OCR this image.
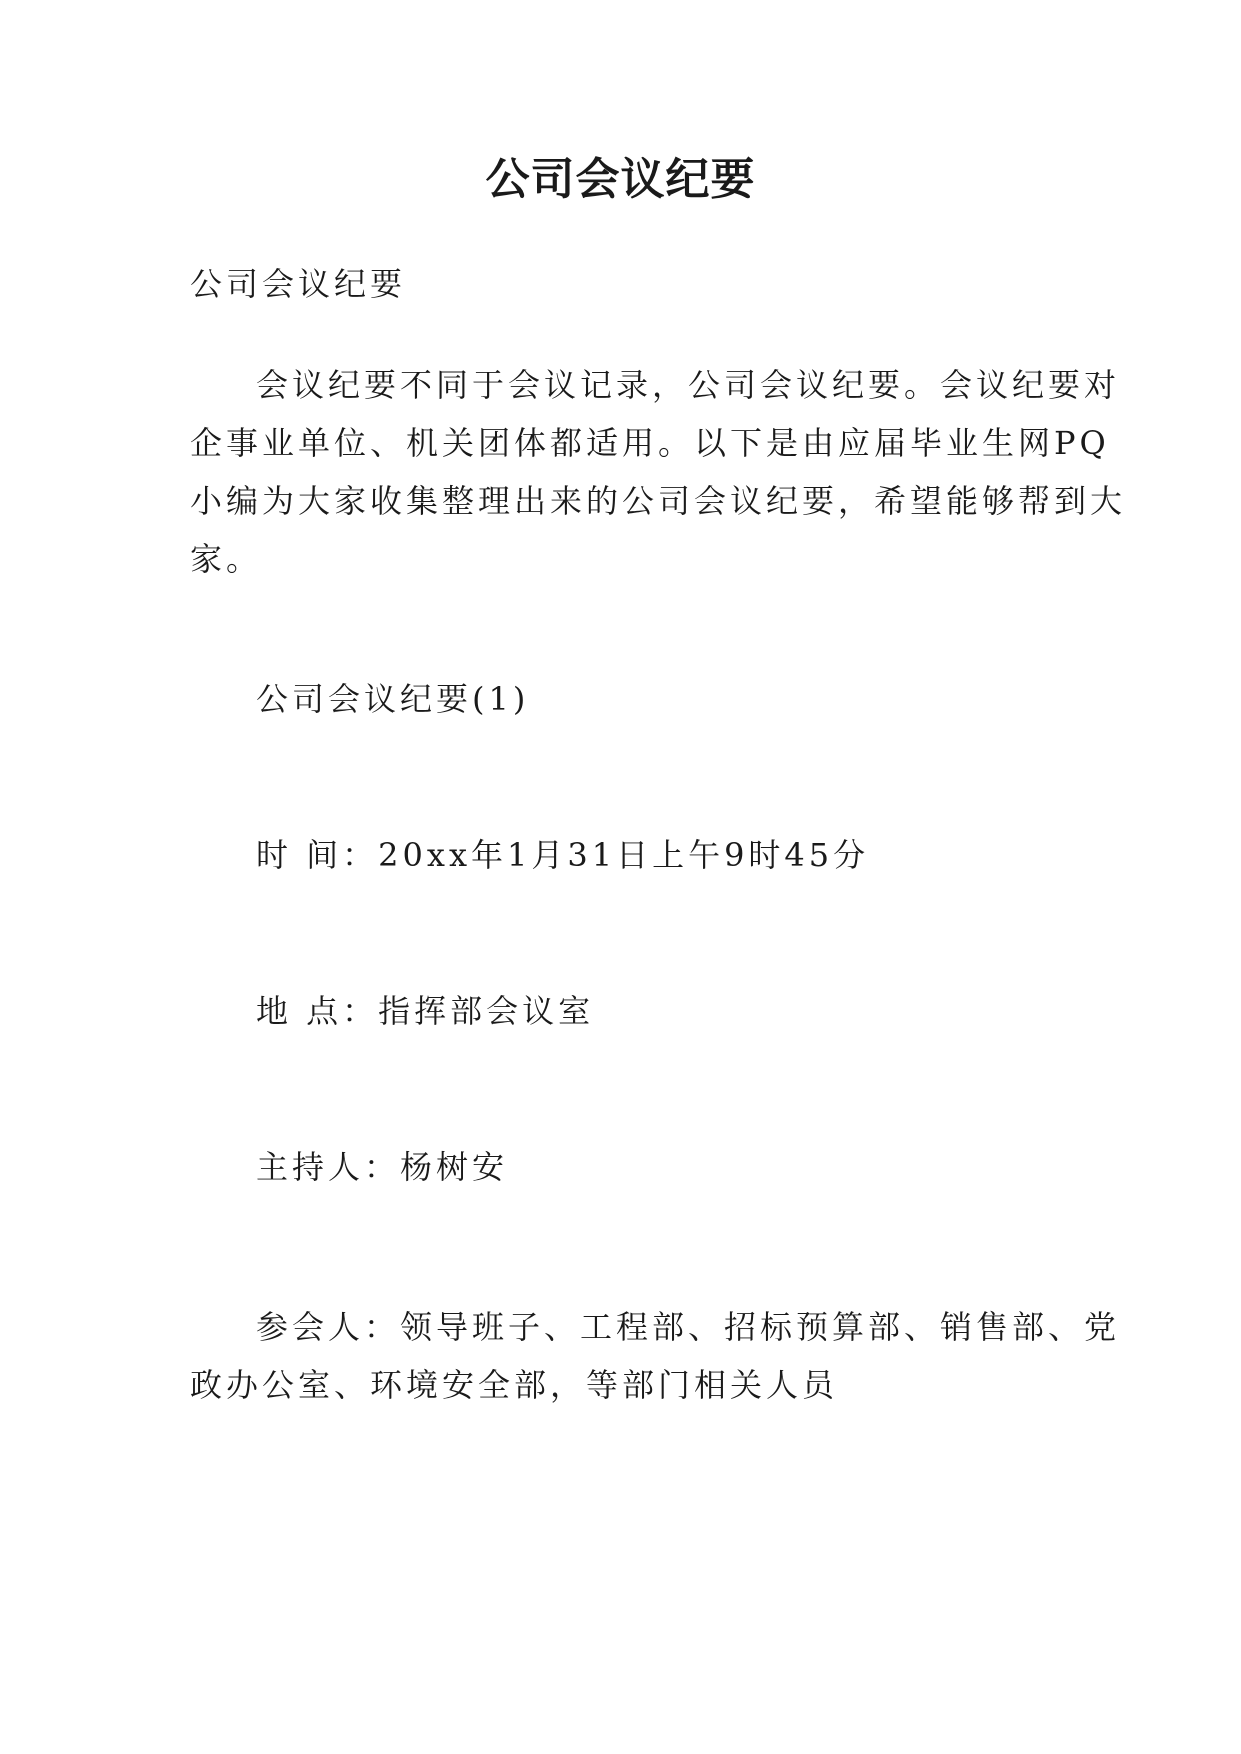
公司会议纪要

公司会议纪要

会议纪要不同于会议记录，公司会议纪要。会议纪要对
企事业单位、机关团体都适用。以下是由应届毕业生网PQ
小编为大家收集整理出来的公司会议纪要，希望能够帮到大
家。

公司会议纪要(1)

时 间：20xx年1月31日上午9时45分

地 点：指挥部会议室

主持人：杨树安

参会人：领导班子、工程部、招标预算部、销售部、党
政办公室、环境安全部，等部门相关人员
